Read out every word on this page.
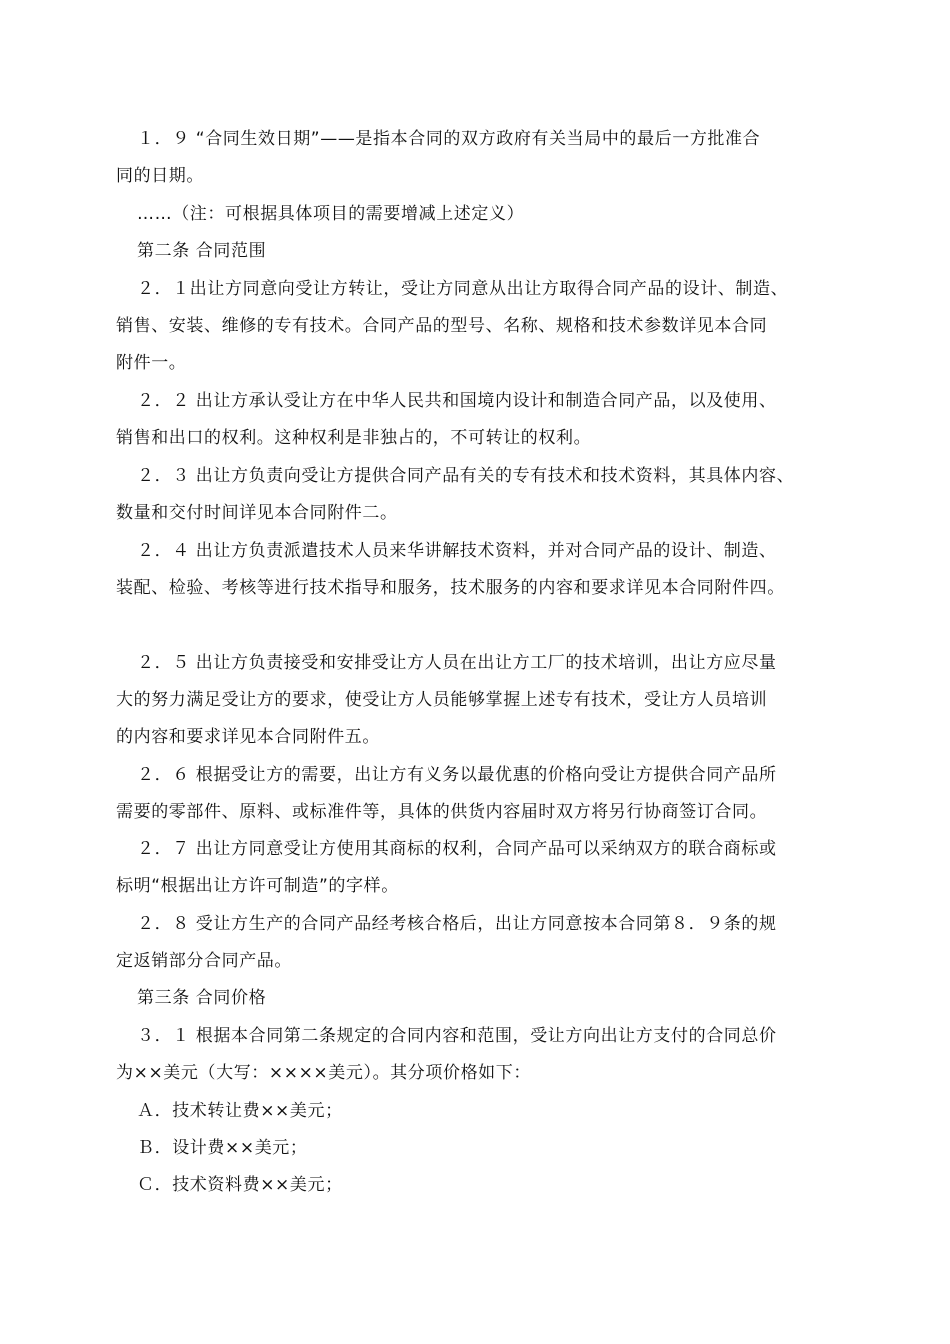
１．９ “合同生效日期”——是指本合同的双方政府有关当局中的最后一方批准合
同的日期。
……（注：可根据具体项目的需要增减上述定义）
第二条 合同范围
２．１出让方同意向受让方转让，受让方同意从出让方取得合同产品的设计、制造、
销售、安装、维修的专有技术。合同产品的型号、名称、规格和技术参数详见本合同
附件一。
２．２ 出让方承认受让方在中华人民共和国境内设计和制造合同产品，以及使用、
销售和出口的权利。这种权利是非独占的，不可转让的权利。
２．３ 出让方负责向受让方提供合同产品有关的专有技术和技术资料，其具体内容、
数量和交付时间详见本合同附件二。
２．４ 出让方负责派遣技术人员来华讲解技术资料，并对合同产品的设计、制造、
装配、检验、考核等进行技术指导和服务，技术服务的内容和要求详见本合同附件四。
２．５ 出让方负责接受和安排受让方人员在出让方工厂的技术培训，出让方应尽量
大的努力满足受让方的要求，使受让方人员能够掌握上述专有技术，受让方人员培训
的内容和要求详见本合同附件五。
２．６ 根据受让方的需要，出让方有义务以最优惠的价格向受让方提供合同产品所
需要的零部件、原料、或标准件等，具体的供货内容届时双方将另行协商签订合同。
２．７ 出让方同意受让方使用其商标的权利，合同产品可以采纳双方的联合商标或
标明“根据出让方许可制造”的字样。
２．８ 受让方生产的合同产品经考核合格后，出让方同意按本合同第８．９条的规
定返销部分合同产品。
第三条 合同价格
３．１ 根据本合同第二条规定的合同内容和范围，受让方向出让方支付的合同总价
为××美元（大写：××××美元）。其分项价格如下：
Ａ．技术转让费××美元；
Ｂ．设计费××美元；
Ｃ．技术资料费××美元；
